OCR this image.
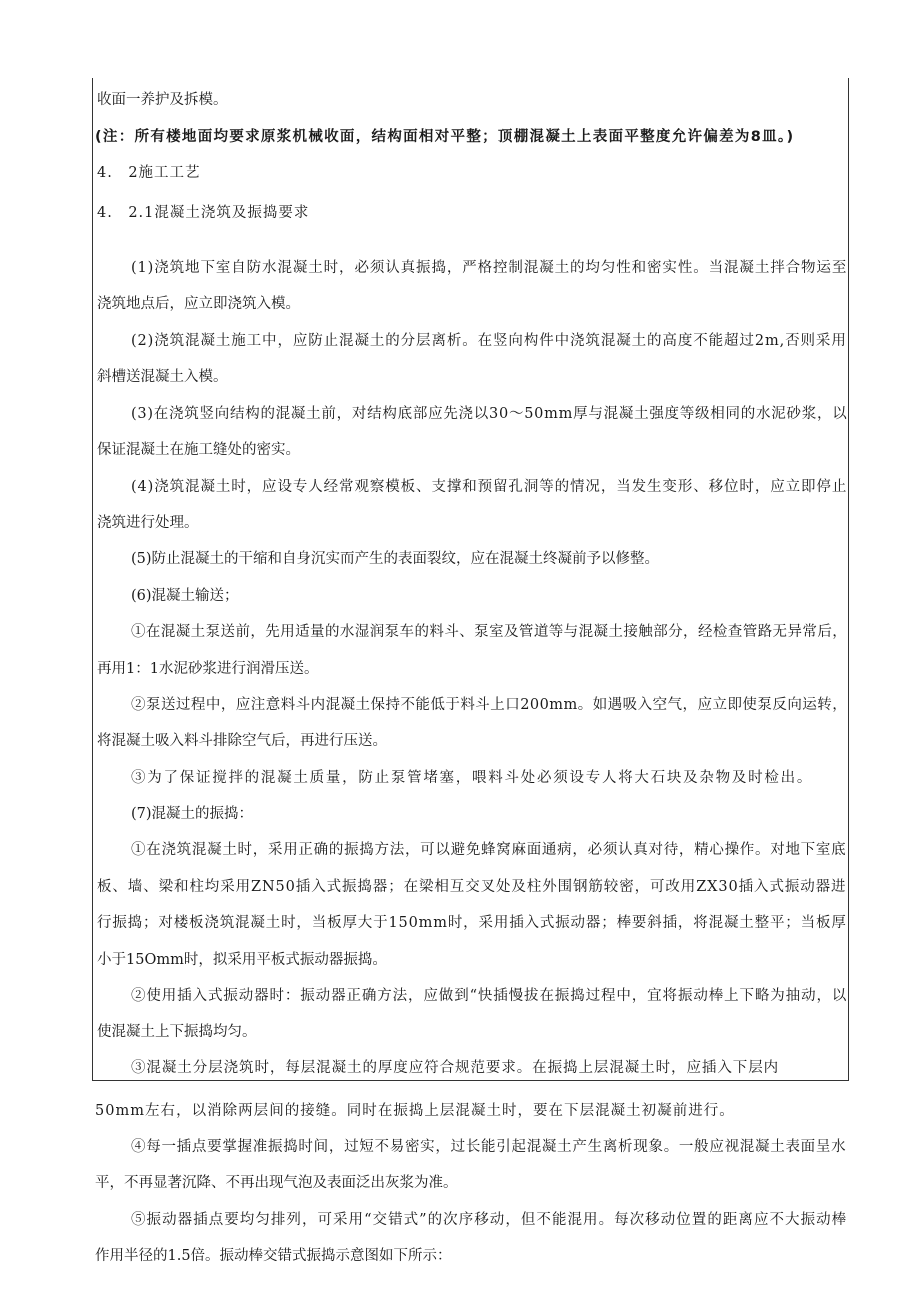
收面一养护及拆模。
(注：所有楼地面均要求原浆机械收面，结构面相对平整；顶棚混凝土上表面平整度允许偏差为8皿。)
4.　2施工工艺
4.　2.1混凝土浇筑及振捣要求
(1)浇筑地下室自防水混凝土时，必须认真振捣，严格控制混凝土的均匀性和密实性。当混凝土拌合物运至
浇筑地点后，应立即浇筑入模。
(2)浇筑混凝土施工中，应防止混凝土的分层离析。在竖向构件中浇筑混凝土的高度不能超过2m,否则采用
斜槽送混凝土入模。
(3)在浇筑竖向结构的混凝土前，对结构底部应先浇以30～50mm厚与混凝土强度等级相同的水泥砂浆，以
保证混凝土在施工缝处的密实。
(4)浇筑混凝土时，应设专人经常观察模板、支撑和预留孔洞等的情况，当发生变形、移位时，应立即停止
浇筑进行处理。
(5)防止混凝土的干缩和自身沉实而产生的表面裂纹，应在混凝土终凝前予以修整。
(6)混凝土输送；
①在混凝土泵送前，先用适量的水湿润泵车的料斗、泵室及管道等与混凝土接触部分，经检查管路无异常后，
再用1：1水泥砂浆进行润滑压送。
②泵送过程中，应注意料斗内混凝土保持不能低于料斗上口200mm。如遇吸入空气，应立即使泵反向运转，
将混凝土吸入料斗排除空气后，再进行压送。
③为了保证搅拌的混凝土质量，防止泵管堵塞，喂料斗处必须设专人将大石块及杂物及时检出。
(7)混凝土的振捣：
①在浇筑混凝土时，采用正确的振捣方法，可以避免蜂窝麻面通病，必须认真对待，精心操作。对地下室底
板、墙、梁和柱均采用ZN50插入式振捣器；在梁相互交叉处及柱外围钢筋较密，可改用ZX30插入式振动器进
行振捣；对楼板浇筑混凝土时，当板厚大于150mm时，采用插入式振动器；棒要斜插，将混凝土整平；当板厚
小于15Omm时，拟采用平板式振动器振捣。
②使用插入式振动器时：振动器正确方法，应做到“快插慢拔在振捣过程中，宜将振动棒上下略为抽动，以
使混凝土上下振捣均匀。
③混凝土分层浇筑时，每层混凝土的厚度应符合规范要求。在振捣上层混凝土时，应插入下层内
50mm左右，以消除两层间的接缝。同时在振捣上层混凝土时，要在下层混凝土初凝前进行。
④每一插点要掌握准振捣时间，过短不易密实，过长能引起混凝土产生离析现象。一般应视混凝土表面呈水
平，不再显著沉降、不再出现气泡及表面泛出灰浆为准。
⑤振动器插点要均匀排列，可采用“交错式”的次序移动，但不能混用。每次移动位置的距离应不大振动棒
作用半径的1.5倍。振动棒交错式振捣示意图如下所示：
